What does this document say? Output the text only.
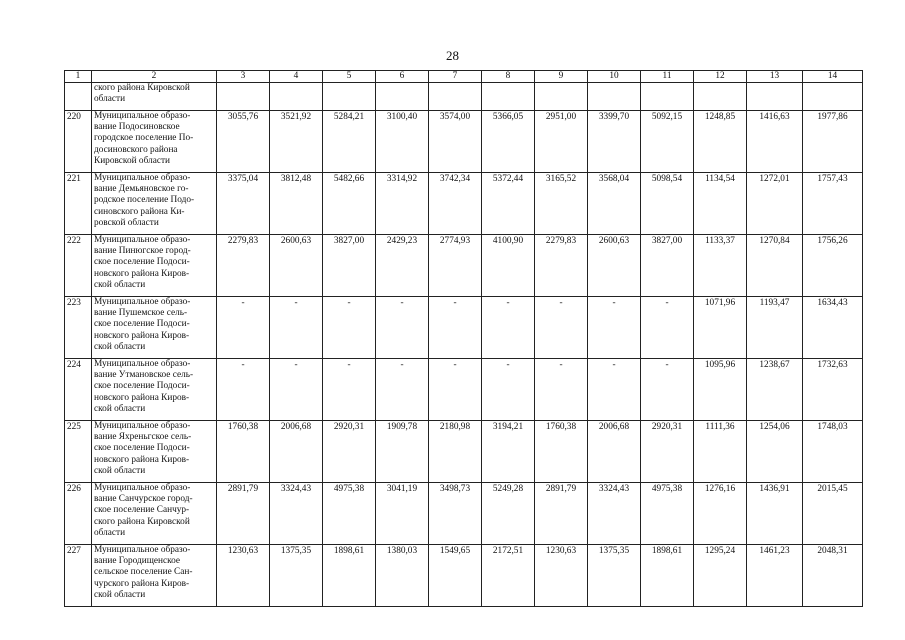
28
1	2	3	4	5	6	7	8	9	10	11	12	13	14

	ского района Кировской
области												

220	Муниципальное образо-
вание Подосиновское
городское поселение По-
досиновского района
Кировской области	3055,76	3521,92	5284,21	3100,40	3574,00	5366,05	2951,00	3399,70	5092,15	1248,85	1416,63	1977,86
221	Муниципальное образо-
вание Демьяновское го-
родское поселение Подо-
синовского района Ки-
ровской области	3375,04	3812,48	5482,66	3314,92	3742,34	5372,44	3165,52	3568,04	5098,54	1134,54	1272,01	1757,43
222	Муниципальное образо-
вание Пинюгское город-
ское поселение Подоси-
новского района Киров-
ской области	2279,83	2600,63	3827,00	2429,23	2774,93	4100,90	2279,83	2600,63	3827,00	1133,37	1270,84	1756,26
223	Муниципальное образо-
вание Пушемское сель-
ское поселение Подоси-
новского района Киров-
ской области	-	-	-	-	-	-	-	-	-	1071,96	1193,47	1634,43
224	Муниципальное образо-
вание Утмановское сель-
ское поселение Подоси-
новского района Киров-
ской области	-	-	-	-	-	-	-	-	-	1095,96	1238,67	1732,63
225	Муниципальное образо-
вание Яхреньгское сель-
ское поселение Подоси-
новского района Киров-
ской области	1760,38	2006,68	2920,31	1909,78	2180,98	3194,21	1760,38	2006,68	2920,31	1111,36	1254,06	1748,03
226	Муниципальное образо-
вание Санчурское город-
ское поселение Санчур-
ского района Кировской
области	2891,79	3324,43	4975,38	3041,19	3498,73	5249,28	2891,79	3324,43	4975,38	1276,16	1436,91	2015,45
227	Муниципальное образо-
вание Городищенское
сельское поселение Сан-
чурского района Киров-
ской области	1230,63	1375,35	1898,61	1380,03	1549,65	2172,51	1230,63	1375,35	1898,61	1295,24	1461,23	2048,31
